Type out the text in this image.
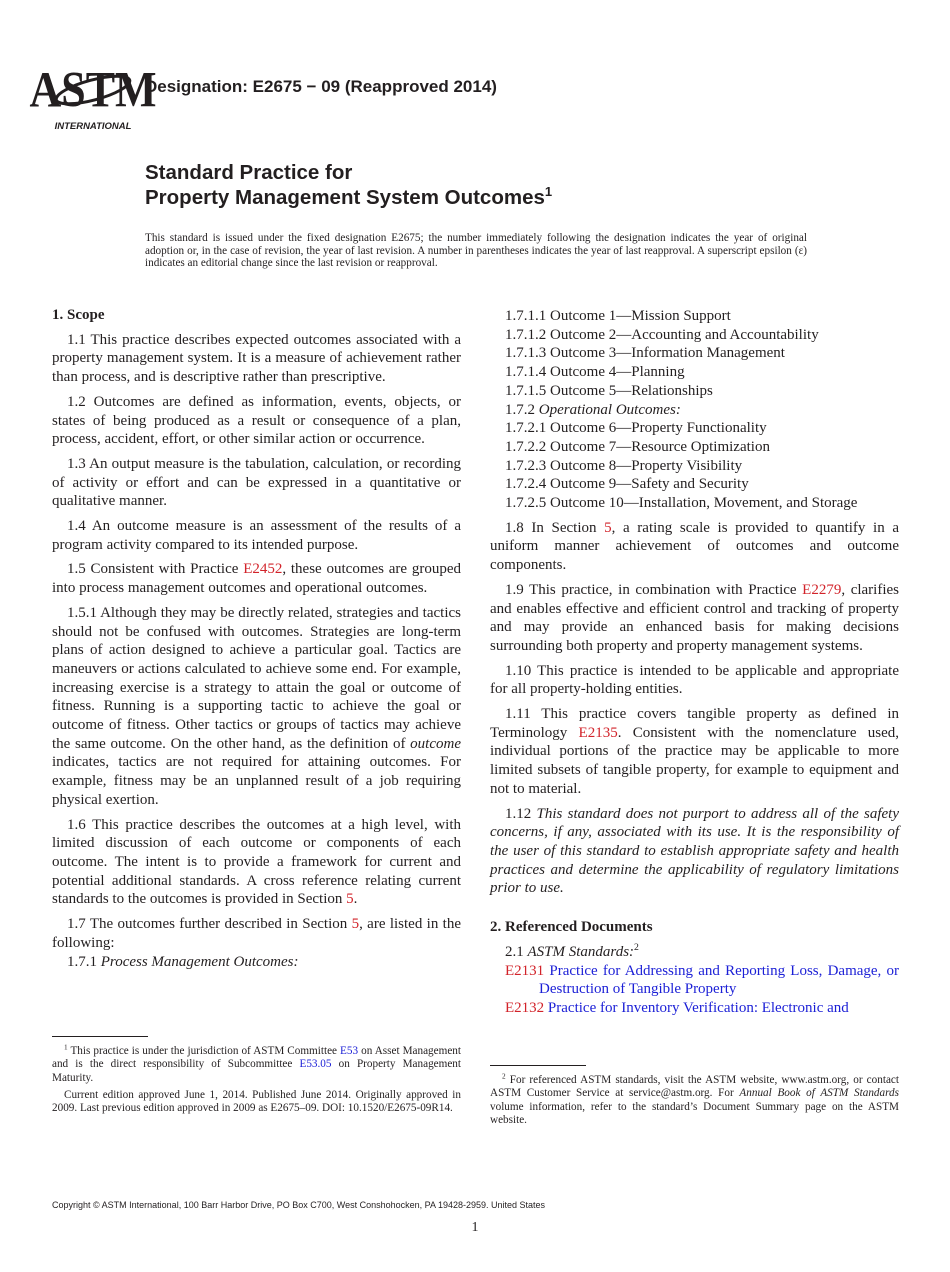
ASTM
INTERNATIONAL
Designation: E2675 − 09 (Reapproved 2014)
Standard Practice for
Property Management System Outcomes$^1$
This standard is issued under the fixed designation E2675; the number immediately following the designation indicates the year of original adoption or, in the case of revision, the year of last revision. A number in parentheses indicates the year of last reapproval. A superscript epsilon (ε) indicates an editorial change since the last revision or reapproval.

1. Scope

1.1 This practice describes expected outcomes associated with a property management system. It is a measure of achievement rather than process, and is descriptive rather than prescriptive.

1.2 Outcomes are defined as information, events, objects, or states of being produced as a result or consequence of a plan, process, accident, effort, or other similar action or occurrence.

1.3 An output measure is the tabulation, calculation, or recording of activity or effort and can be expressed in a quantitative or qualitative manner.

1.4 An outcome measure is an assessment of the results of a program activity compared to its intended purpose.

1.5 Consistent with Practice E2452, these outcomes are grouped into process management outcomes and operational outcomes.

1.5.1 Although they may be directly related, strategies and tactics should not be confused with outcomes. Strategies are long-term plans of action designed to achieve a particular goal. Tactics are maneuvers or actions calculated to achieve some end. For example, increasing exercise is a strategy to attain the goal or outcome of fitness. Running is a supporting tactic to achieve the goal or outcome of fitness. Other tactics or groups of tactics may achieve the same outcome. On the other hand, as the definition of outcome indicates, tactics are not required for attaining outcomes. For example, fitness may be an unplanned result of a job requiring physical exertion.

1.6 This practice describes the outcomes at a high level, with limited discussion of each outcome or components of each outcome. The intent is to provide a framework for current and potential additional standards. A cross reference relating current standards to the outcomes is provided in Section 5.

1.7 The outcomes further described in Section 5, are listed in the following:

1.7.1 Process Management Outcomes:

1.7.1.1 Outcome 1—Mission Support

1.7.1.2 Outcome 2—Accounting and Accountability

1.7.1.3 Outcome 3—Information Management

1.7.1.4 Outcome 4—Planning

1.7.1.5 Outcome 5—Relationships

1.7.2 Operational Outcomes:

1.7.2.1 Outcome 6—Property Functionality

1.7.2.2 Outcome 7—Resource Optimization

1.7.2.3 Outcome 8—Property Visibility

1.7.2.4 Outcome 9—Safety and Security

1.7.2.5 Outcome 10—Installation, Movement, and Storage

1.8 In Section 5, a rating scale is provided to quantify in a uniform manner achievement of outcomes and outcome components.

1.9 This practice, in combination with Practice E2279, clarifies and enables effective and efficient control and tracking of property and may provide an enhanced basis for making decisions surrounding both property and property management systems.

1.10 This practice is intended to be applicable and appropriate for all property-holding entities.

1.11 This practice covers tangible property as defined in Terminology E2135. Consistent with the nomenclature used, individual portions of the practice may be applicable to more limited subsets of tangible property, for example to equipment and not to material.

1.12 This standard does not purport to address all of the safety concerns, if any, associated with its use. It is the responsibility of the user of this standard to establish appropriate safety and health practices and determine the applicability of regulatory limitations prior to use.

2. Referenced Documents

2.1 ASTM Standards:$^2$

E2131 Practice for Addressing and Reporting Loss, Damage, or Destruction of Tangible Property

E2132 Practice for Inventory Verification: Electronic and

$^1$ This practice is under the jurisdiction of ASTM Committee E53 on Asset Management and is the direct responsibility of Subcommittee E53.05 on Property Management Maturity.

Current edition approved June 1, 2014. Published June 2014. Originally approved in 2009. Last previous edition approved in 2009 as E2675–09. DOI: 10.1520/E2675-09R14.

$^2$ For referenced ASTM standards, visit the ASTM website, www.astm.org, or contact ASTM Customer Service at service@astm.org. For Annual Book of ASTM Standards volume information, refer to the standard’s Document Summary page on the ASTM website.

Copyright © ASTM International, 100 Barr Harbor Drive, PO Box C700, West Conshohocken, PA 19428-2959. United States
1
